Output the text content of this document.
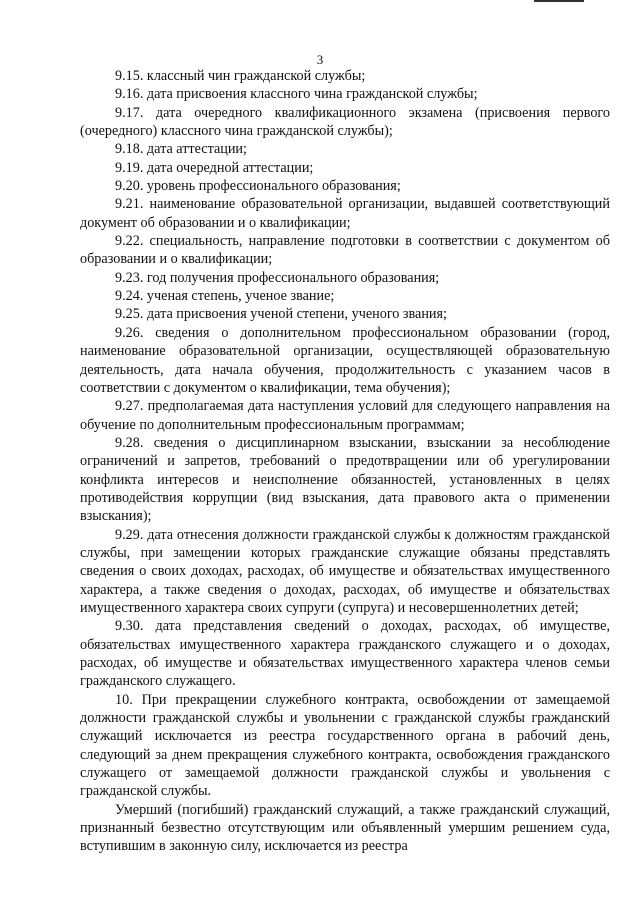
3

9.15. классный чин гражданской службы;

9.16. дата присвоения классного чина гражданской службы;

9.17. дата очередного квалификационного экзамена (присвоения первого (очередного) классного чина гражданской службы);

9.18. дата аттестации;

9.19. дата очередной аттестации;

9.20. уровень профессионального образования;

9.21. наименование образовательной организации, выдавшей соответствующий документ об образовании и о квалификации;

9.22. специальность, направление подготовки в соответствии с документом об образовании и о квалификации;

9.23. год получения профессионального образования;

9.24. ученая степень, ученое звание;

9.25. дата присвоения ученой степени, ученого звания;

9.26. сведения о дополнительном профессиональном образовании (город, наименование образовательной организации, осуществляющей образовательную деятельность, дата начала обучения, продолжительность с указанием часов в соответствии с документом о квалификации, тема обучения);

9.27. предполагаемая дата наступления условий для следующего направления на обучение по дополнительным профессиональным программам;

9.28. сведения о дисциплинарном взыскании, взыскании за несоблюдение ограничений и запретов, требований о предотвращении или об урегулировании конфликта интересов и неисполнение обязанностей, установленных в целях противодействия коррупции (вид взыскания, дата правового акта о применении взыскания);

9.29. дата отнесения должности гражданской службы к должностям гражданской службы, при замещении которых гражданские служащие обязаны представлять сведения о своих доходах, расходах, об имуществе и обязательствах имущественного характера, а также сведения о доходах, расходах, об имуществе и обязательствах имущественного характера своих супруги (супруга) и несовершеннолетних детей;

9.30. дата представления сведений о доходах, расходах, об имуществе, обязательствах имущественного характера гражданского служащего и о доходах, расходах, об имуществе и обязательствах имущественного характера членов семьи гражданского служащего.

10. При прекращении служебного контракта, освобождении от замещаемой должности гражданской службы и увольнении с гражданской службы гражданский служащий исключается из реестра государственного органа в рабочий день, следующий за днем прекращения служебного контракта, освобождения гражданского служащего от замещаемой должности гражданской службы и увольнения с гражданской службы.

Умерший (погибший) гражданский служащий, а также гражданский служащий, признанный безвестно отсутствующим или объявленный умершим решением суда, вступившим в законную силу, исключается из реестра
